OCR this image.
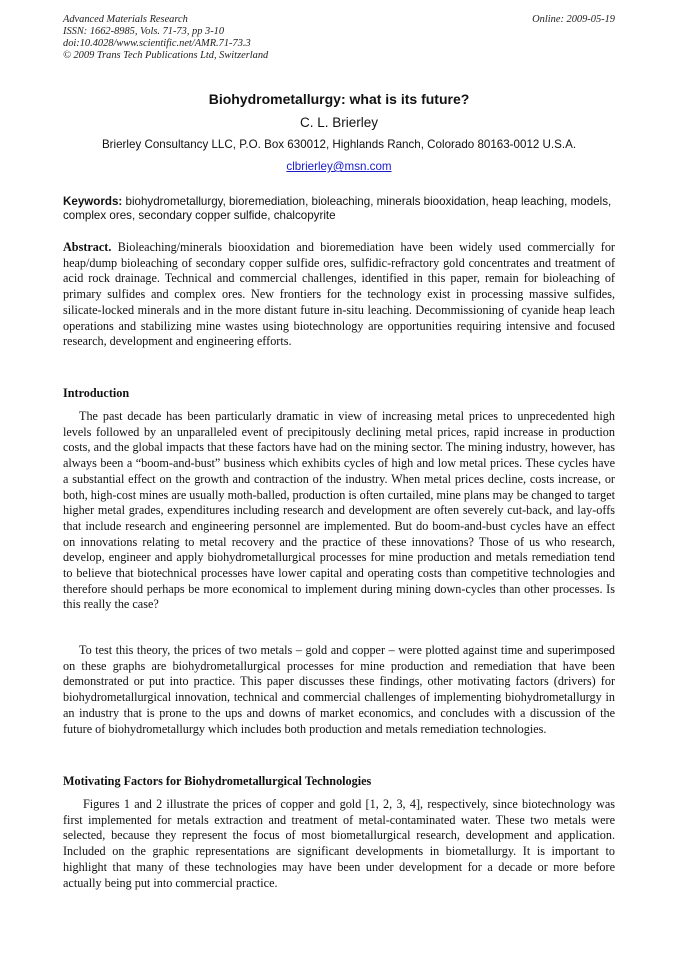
Advanced Materials Research
ISSN: 1662-8985, Vols. 71-73, pp 3-10
doi:10.4028/www.scientific.net/AMR.71-73.3
© 2009 Trans Tech Publications Ltd, Switzerland
Online: 2009-05-19
Biohydrometallurgy: what is its future?
C. L. Brierley
Brierley Consultancy LLC, P.O. Box 630012, Highlands Ranch, Colorado 80163-0012 U.S.A.
clbrierley@msn.com
Keywords: biohydrometallurgy, bioremediation, bioleaching, minerals biooxidation, heap leaching, models, complex ores, secondary copper sulfide, chalcopyrite
Abstract. Bioleaching/minerals biooxidation and bioremediation have been widely used commercially for heap/dump bioleaching of secondary copper sulfide ores, sulfidic-refractory gold concentrates and treatment of acid rock drainage. Technical and commercial challenges, identified in this paper, remain for bioleaching of primary sulfides and complex ores. New frontiers for the technology exist in processing massive sulfides, silicate-locked minerals and in the more distant future in-situ leaching. Decommissioning of cyanide heap leach operations and stabilizing mine wastes using biotechnology are opportunities requiring intensive and focused research, development and engineering efforts.
Introduction
The past decade has been particularly dramatic in view of increasing metal prices to unprecedented high levels followed by an unparalleled event of precipitously declining metal prices, rapid increase in production costs, and the global impacts that these factors have had on the mining sector. The mining industry, however, has always been a “boom-and-bust” business which exhibits cycles of high and low metal prices. These cycles have a substantial effect on the growth and contraction of the industry. When metal prices decline, costs increase, or both, high-cost mines are usually moth-balled, production is often curtailed, mine plans may be changed to target higher metal grades, expenditures including research and development are often severely cut-back, and lay-offs that include research and engineering personnel are implemented. But do boom-and-bust cycles have an effect on innovations relating to metal recovery and the practice of these innovations? Those of us who research, develop, engineer and apply biohydrometallurgical processes for mine production and metals remediation tend to believe that biotechnical processes have lower capital and operating costs than competitive technologies and therefore should perhaps be more economical to implement during mining down-cycles than other processes. Is this really the case?
To test this theory, the prices of two metals – gold and copper – were plotted against time and superimposed on these graphs are biohydrometallurgical processes for mine production and remediation that have been demonstrated or put into practice. This paper discusses these findings, other motivating factors (drivers) for biohydrometallurgical innovation, technical and commercial challenges of implementing biohydrometallurgy in an industry that is prone to the ups and downs of market economics, and concludes with a discussion of the future of biohydrometallurgy which includes both production and metals remediation technologies.
Motivating Factors for Biohydrometallurgical Technologies
Figures 1 and 2 illustrate the prices of copper and gold [1, 2, 3, 4], respectively, since biotechnology was first implemented for metals extraction and treatment of metal-contaminated water. These two metals were selected, because they represent the focus of most biometallurgical research, development and application. Included on the graphic representations are significant developments in biometallurgy. It is important to highlight that many of these technologies may have been under development for a decade or more before actually being put into commercial practice.
